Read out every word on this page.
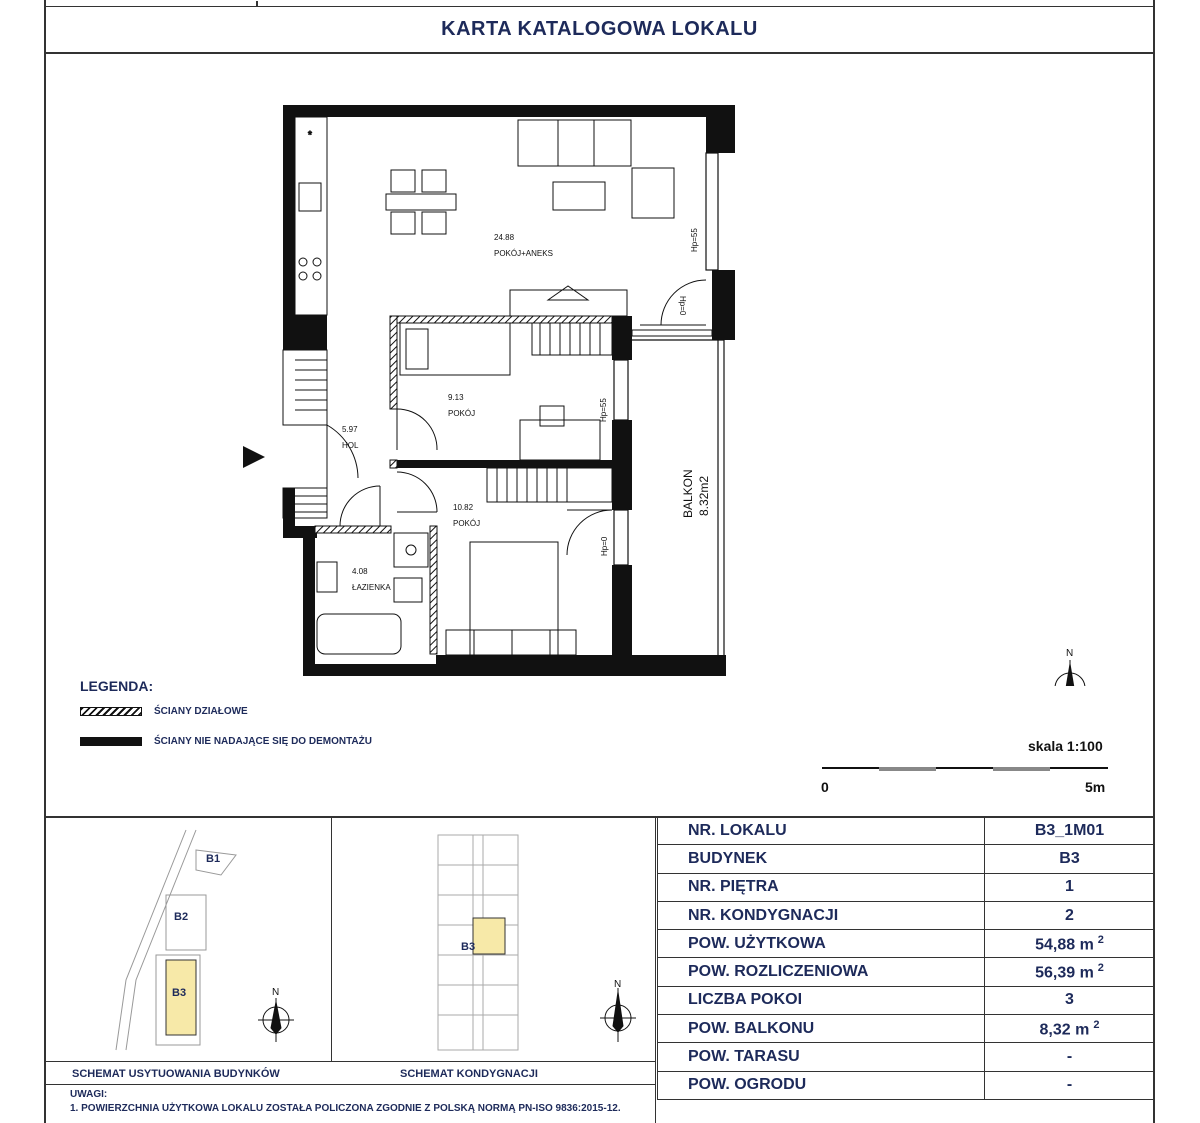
KARTA KATALOGOWA LOKALU
*
24.88
POKÓJ+ANEKS
9.13
POKÓJ
5.97
HOL
10.82
POKÓJ
4.08
ŁAZIENKA
Hp=55
Hp=0
Hp=55
Hp=0
BALKON 8.32m2
N
LEGENDA:
ŚCIANY DZIAŁOWE
ŚCIANY NIE NADAJĄCE SIĘ DO DEMONTAŻU	skala 1:100
0	5m
B1
B2
B3	N
B3
N
SCHEMAT USYTUOWANIA BUDYNKÓW	SCHEMAT KONDYGNACJI
UWAGI:
1. POWIERZCHNIA UŻYTKOWA LOKALU ZOSTAŁA POLICZONA ZGODNIE Z POLSKĄ NORMĄ PN-ISO 9836:2015-12.
NR. LOKALU	B3_1M01
BUDYNEK	B3
NR. PIĘTRA	1
NR. KONDYGNACJI	2
POW. UŻYTKOWA	54,88 m $^2$
POW. ROZLICZENIOWA	56,39 m $^2$
LICZBA POKOI	3
POW. BALKONU	8,32 m $^2$
POW. TARASU	-
POW. OGRODU	-
